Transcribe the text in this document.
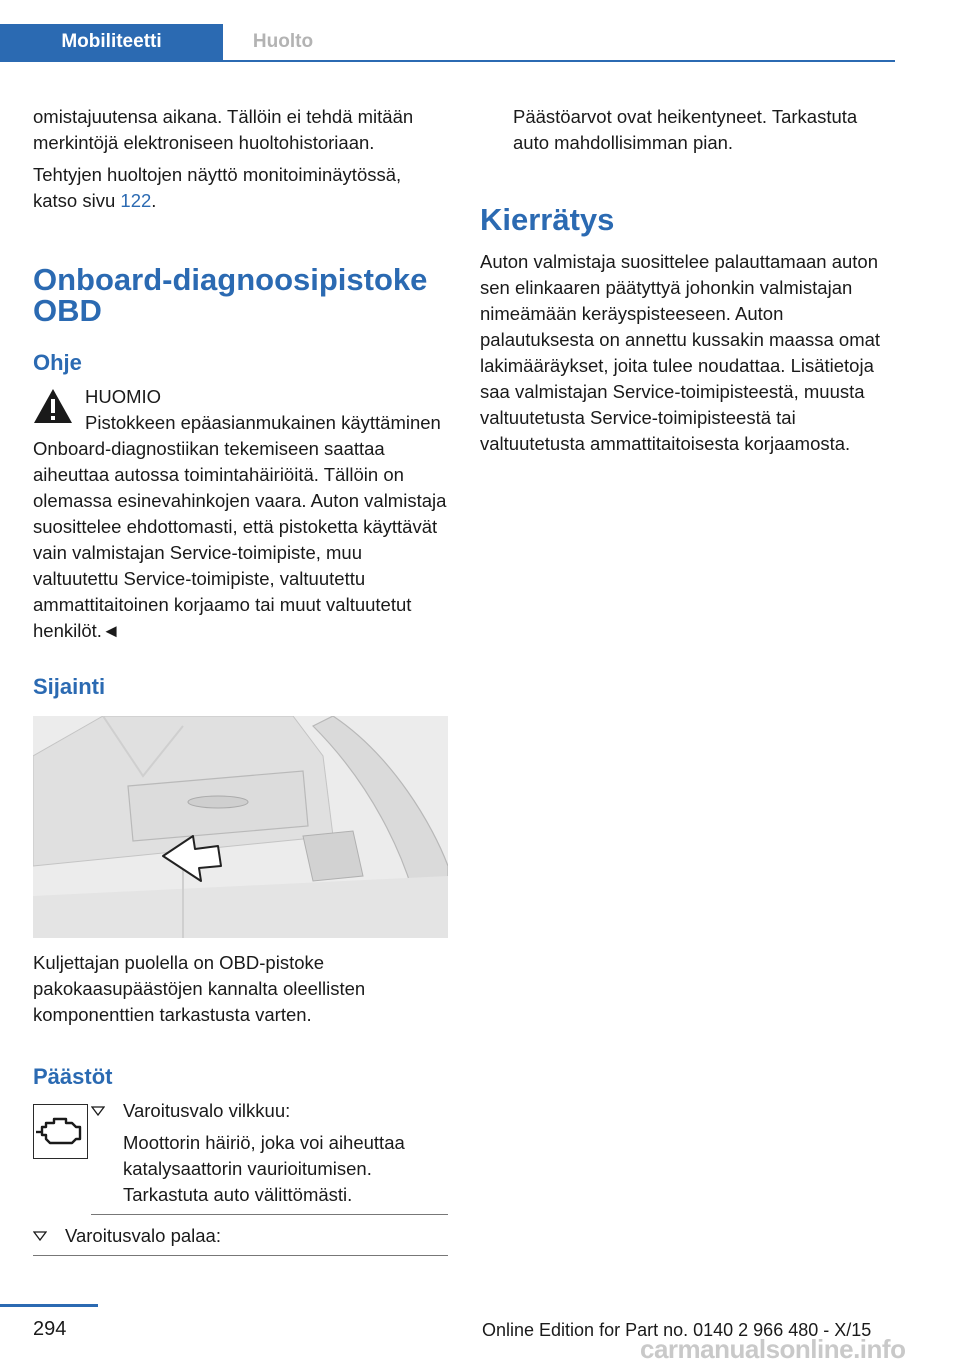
Mobiliteetti	Huolto

omistajuutensa aikana. Tällöin ei tehdä mitään merkintöjä elektroniseen huoltohistoriaan.

Tehtyjen huoltojen näyttö monitoiminäytössä, katso sivu 122.

Onboard-diagnoosipistoke
OBD
Ohje

HUOMIO

Pistokkeen epäasianmukainen käyttäminen Onboard-diagnostiikan tekemiseen saattaa aiheuttaa autossa toimintahäiriöitä. Tällöin on olemassa esinevahinkojen vaara. Auton valmistaja suosittelee ehdottomasti, että pistoketta käyttävät vain valmistajan Service-toimipiste, muu valtuutettu Service-toimipiste, valtuutettu ammattitaitoinen korjaamo tai muut valtuutetut henkilöt.◄

Sijainti

Kuljettajan puolella on OBD-pistoke pakokaasupäästöjen kannalta oleellisten komponenttien tarkastusta varten.

Päästöt

Varoitusvalo vilkkuu:

Moottorin häiriö, joka voi aiheuttaa katalysaattorin vaurioitumisen. Tarkastuta auto välittömästi.

Varoitusvalo palaa:

Päästöarvot ovat heikentyneet. Tarkastuta auto mahdollisimman pian.

Kierrätys

Auton valmistaja suosittelee palauttamaan auton sen elinkaaren päätyttyä johonkin valmistajan nimeämään keräyspisteeseen. Auton palautuksesta on annettu kussakin maassa omat lakimääräykset, joita tulee noudattaa. Lisätietoja saa valmistajan Service-toimipisteestä, muusta valtuutetusta Service-toimipisteestä tai valtuutetusta ammattitaitoisesta korjaamosta.

294	Online Edition for Part no. 0140 2 966 480 - X/15
carmanualsonline.info
